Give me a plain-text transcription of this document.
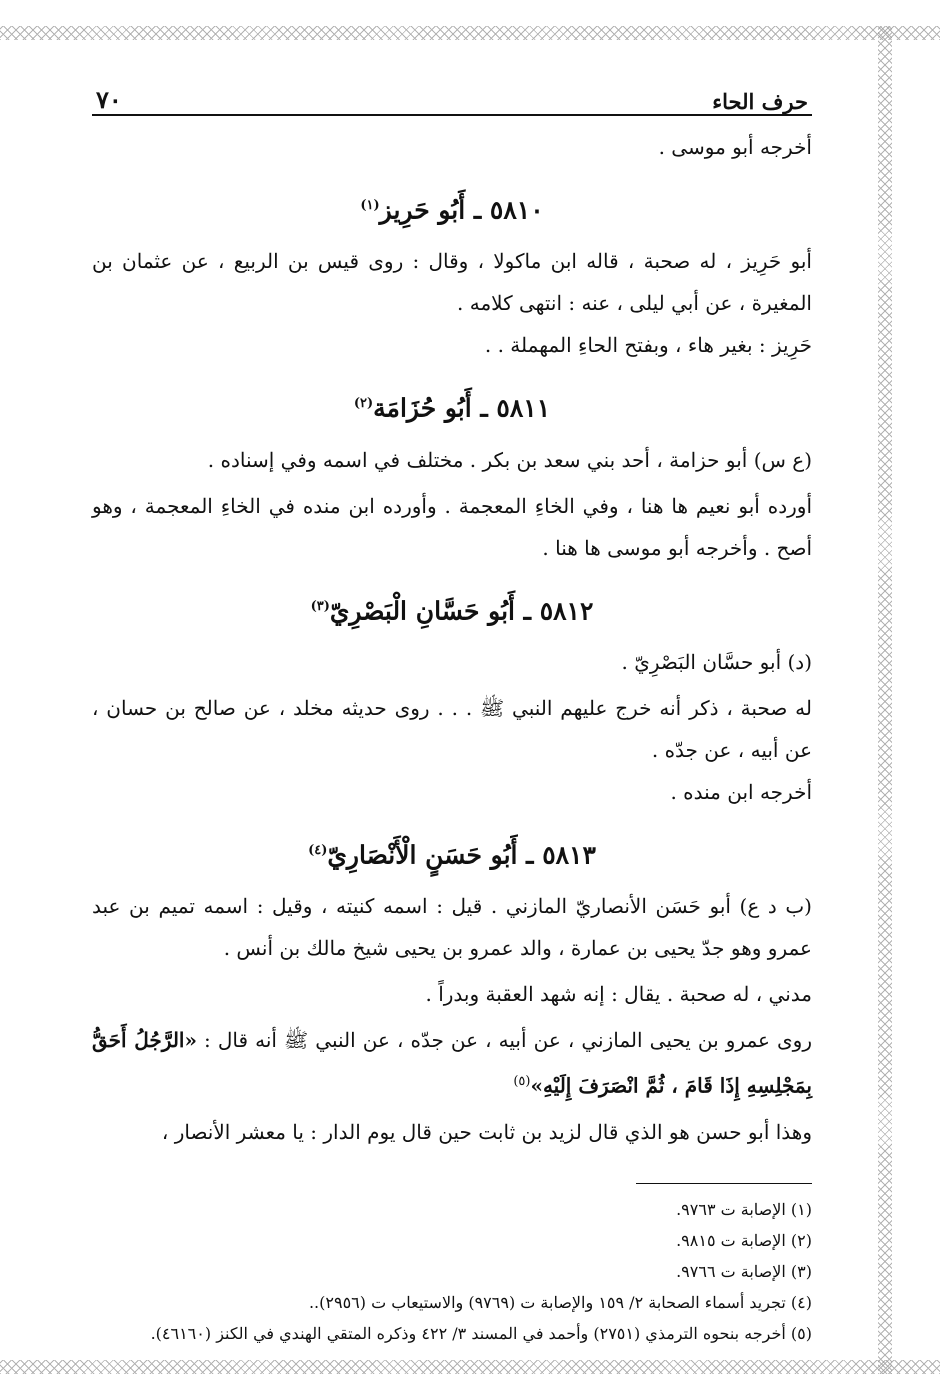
حرف الحاء
٧٠

أخرجه أبو موسى .

٥٨١٠ ـ أَبُو حَرِيز$^{(١)}$

أبو حَرِيز ، له صحبة ، قاله ابن ماكولا ، وقال : روى قيس بن الربيع ، عن عثمان بن المغيرة ، عن أبي ليلى ، عنه : انتهى كلامه .

حَرِيز : بغير هاء ، وبفتح الحاءِ المهملة . .

٥٨١١ ـ أَبُو حُزَامَة$^{(٢)}$

(ع س) أبو حزامة ، أحد بني سعد بن بكر . مختلف في اسمه وفي إسناده .

أورده أبو نعيم ها هنا ، وفي الخاءِ المعجمة . وأورده ابن منده في الخاءِ المعجمة ، وهو أصح . وأخرجه أبو موسى ها هنا .

٥٨١٢ ـ أَبُو حَسَّانِ الْبَصْرِيّ$^{(٣)}$

(د) أبو حسَّان البَصْرِيّ .

له صحبة ، ذكر أنه خرج عليهم النبي ﷺ . . . روى حديثه مخلد ، عن صالح بن حسان ، عن أبيه ، عن جدّه .

أخرجه ابن منده .

٥٨١٣ ـ أَبُو حَسَنٍ الْأَنْصَارِيّ$^{(٤)}$

(ب د ع) أبو حَسَن الأنصاريّ المازني . قيل : اسمه كنيته ، وقيل : اسمه تميم بن عبد عمرو وهو جدّ يحيى بن عمارة ، والد عمرو بن يحيى شيخ مالك بن أنس .

مدني ، له صحبة . يقال : إنه شهد العقبة وبدراً .

روى عمرو بن يحيى المازني ، عن أبيه ، عن جدّه ، عن النبي ﷺ أنه قال : «الرَّجُلُ أَحَقُّ بِمَجْلِسِهِ إِذَا قَامَ ، ثُمَّ انْصَرَفَ إِلَيْهِ»$^{(٥)}$

وهذا أبو حسن هو الذي قال لزيد بن ثابت حين قال يوم الدار : يا معشر الأنصار ،

(١) الإصابة ت ٩٧٦٣.

(٢) الإصابة ت ٩٨١٥.

(٣) الإصابة ت ٩٧٦٦.

(٤) تجريد أسماء الصحابة ٢/ ١٥٩ والإصابة ت (٩٧٦٩) والاستيعاب ت (٢٩٥٦)..

(٥) أخرجه بنحوه الترمذي (٢٧٥١) وأحمد في المسند ٣/ ٤٢٢ وذكره المتقي الهندي في الكنز (٤٦١٦٠).
